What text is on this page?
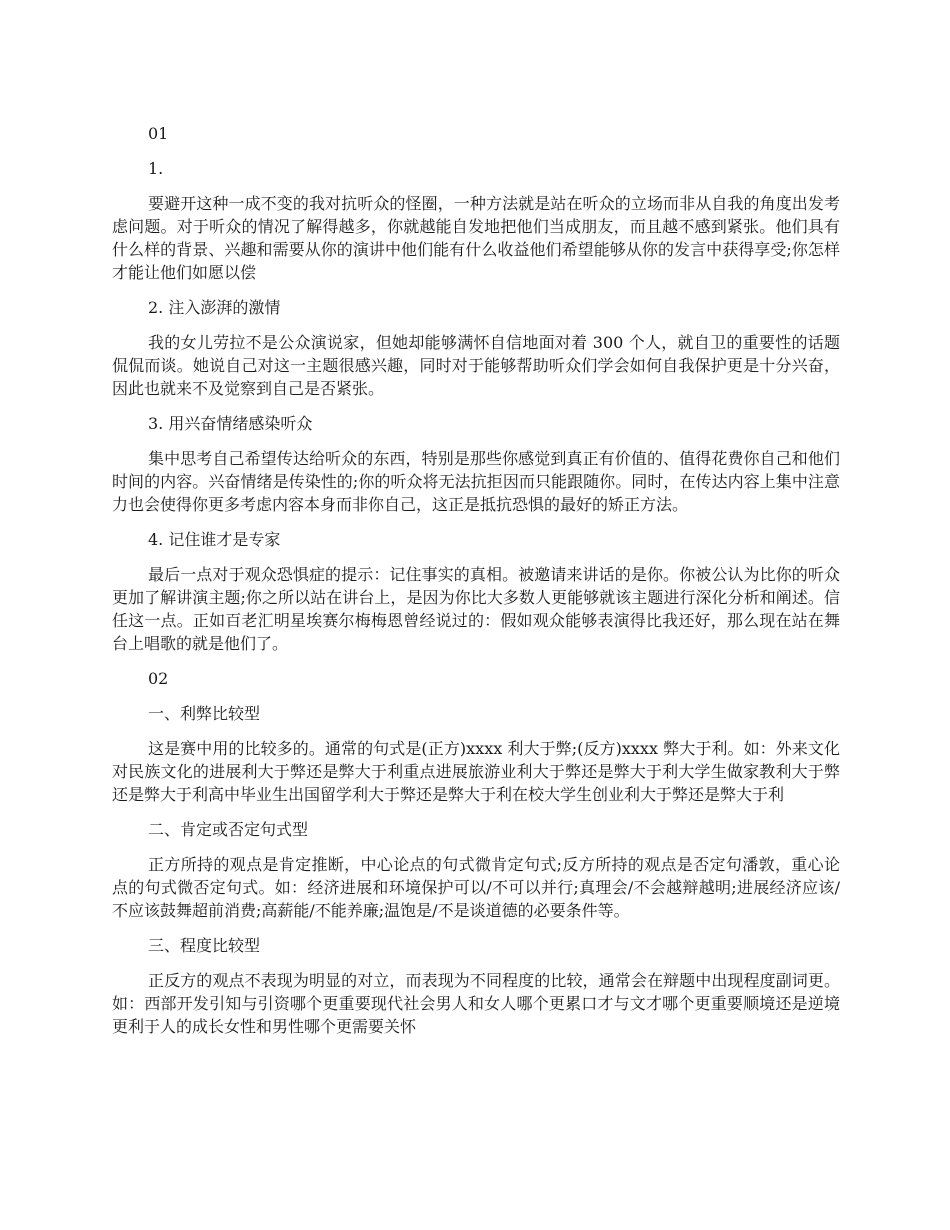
01

1.

要避开这种一成不变的我对抗听众的怪圈，一种方法就是站在听众的立场而非从自我的角度出发考虑问题。对于听众的情况了解得越多，你就越能自发地把他们当成朋友，而且越不感到紧张。他们具有什么样的背景、兴趣和需要从你的演讲中他们能有什么收益他们希望能够从你的发言中获得享受;你怎样才能让他们如愿以偿

2. 注入澎湃的激情

我的女儿劳拉不是公众演说家，但她却能够满怀自信地面对着 300 个人，就自卫的重要性的话题侃侃而谈。她说自己对这一主题很感兴趣，同时对于能够帮助听众们学会如何自我保护更是十分兴奋，因此也就来不及觉察到自己是否紧张。

3. 用兴奋情绪感染听众

集中思考自己希望传达给听众的东西，特别是那些你感觉到真正有价值的、值得花费你自己和他们时间的内容。兴奋情绪是传染性的;你的听众将无法抗拒因而只能跟随你。同时，在传达内容上集中注意力也会使得你更多考虑内容本身而非你自己，这正是抵抗恐惧的最好的矫正方法。

4. 记住谁才是专家

最后一点对于观众恐惧症的提示：记住事实的真相。被邀请来讲话的是你。你被公认为比你的听众更加了解讲演主题;你之所以站在讲台上，是因为你比大多数人更能够就该主题进行深化分析和阐述。信任这一点。正如百老汇明星埃赛尔梅梅恩曾经说过的：假如观众能够表演得比我还好，那么现在站在舞台上唱歌的就是他们了。

02

一、利弊比较型

这是赛中用的比较多的。通常的句式是(正方)xxxx 利大于弊;(反方)xxxx 弊大于利。如：外来文化对民族文化的进展利大于弊还是弊大于利重点进展旅游业利大于弊还是弊大于利大学生做家教利大于弊还是弊大于利高中毕业生出国留学利大于弊还是弊大于利在校大学生创业利大于弊还是弊大于利

二、肯定或否定句式型

正方所持的观点是肯定推断，中心论点的句式微肯定句式;反方所持的观点是否定句潘敦，重心论点的句式微否定句式。如：经济进展和环境保护可以/不可以并行;真理会/不会越辩越明;进展经济应该/不应该鼓舞超前消费;高薪能/不能养廉;温饱是/不是谈道德的必要条件等。

三、程度比较型

正反方的观点不表现为明显的对立，而表现为不同程度的比较，通常会在辩题中出现程度副词更。如：西部开发引知与引资哪个更重要现代社会男人和女人哪个更累口才与文才哪个更重要顺境还是逆境更利于人的成长女性和男性哪个更需要关怀
